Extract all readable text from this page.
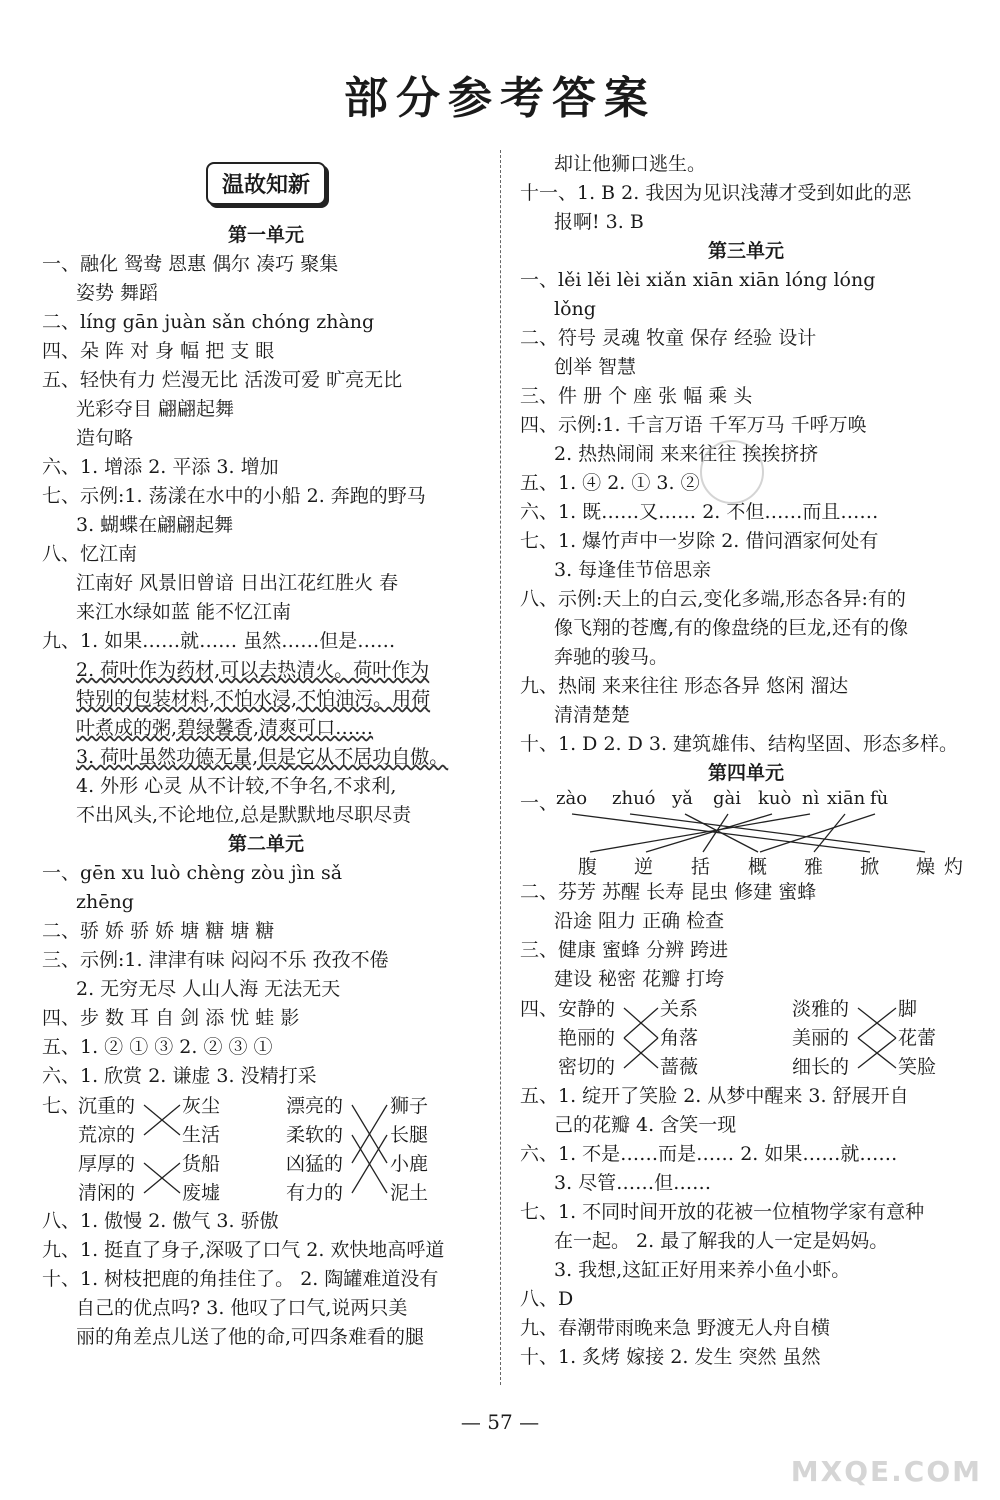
部分参考答案
温故知新
第一单元
一、融化 鸳鸯 恩惠 偶尔 凑巧 聚集
姿势 舞蹈
二、líng gān juàn sǎn chóng zhàng
四、朵 阵 对 身 幅 把 支 眼
五、轻快有力 烂漫无比 活泼可爱 旷亮无比
光彩夺目 翩翩起舞
造句略
六、1. 增添 2. 平添 3. 增加
七、示例:1. 荡漾在水中的小船 2. 奔跑的野马
3. 蝴蝶在翩翩起舞
八、忆江南
江南好 风景旧曾谙 日出江花红胜火 春
来江水绿如蓝 能不忆江南
九、1. 如果……就…… 虽然……但是……
2. 荷叶作为药材,可以去热清火。荷叶作为
特别的包装材料,不怕水浸,不怕油污。用荷
叶煮成的粥,碧绿馨香,清爽可口……
3. 荷叶虽然功德无量,但是它从不居功自傲。
4. 外形 心灵 从不计较,不争名,不求利,
不出风头,不论地位,总是默默地尽职尽责
第二单元
一、gēn xu luò chèng zòu jìn sǎ
zhēng
二、骄 娇 骄 娇 塘 糖 塘 糖
三、示例:1. 津津有味 闷闷不乐 孜孜不倦
2. 无穷无尽 人山人海 无法无天
四、步 数 耳 自 剑 添 忧 蛙 影
五、1. ② ① ③ 2. ② ③ ①
六、1. 欣赏 2. 谦虚 3. 没精打采
七、
沉重的
荒凉的
厚厚的
清闲的
灰尘
生活
货船
废墟
漂亮的
柔软的
凶猛的
有力的
狮子
长腿
小鹿
泥土
八、1. 傲慢 2. 傲气 3. 骄傲
九、1. 挺直了身子,深吸了口气 2. 欢快地高呼道
十、1. 树枝把鹿的角挂住了。 2. 陶罐难道没有
自己的优点吗? 3. 他叹了口气,说两只美
丽的角差点儿送了他的命,可四条难看的腿
却让他狮口逃生。
十一、1. B 2. 我因为见识浅薄才受到如此的恶
报啊! 3. B
第三单元
一、lěi lěi lèi xiǎn xiān xiān lóng lóng
lǒng
二、符号 灵魂 牧童 保存 经验 设计
创举 智慧
三、件 册 个 座 张 幅 乘 头
四、示例:1. 千言万语 千军万马 千呼万唤
2. 热热闹闹 来来往往 挨挨挤挤
五、1. ④ 2. ① 3. ②
六、1. 既……又…… 2. 不但……而且……
七、1. 爆竹声中一岁除 2. 借问酒家何处有
3. 每逢佳节倍思亲
八、示例:天上的白云,变化多端,形态各异:有的
像飞翔的苍鹰,有的像盘绕的巨龙,还有的像
奔驰的骏马。
九、热闹 来来往往 形态各异 悠闲 溜达
清清楚楚
十、1. D 2. D 3. 建筑雄伟、结构坚固、形态多样。
第四单元
一、
zào zhuó yǎ gài kuò nì xiān fù
腹 逆 括 概 雅 掀 燥 灼
二、芬芳 苏醒 长寿 昆虫 修建 蜜蜂
沿途 阻力 正确 检查
三、健康 蜜蜂 分辨 跨进
建设 秘密 花瓣 打垮
四、 安静的
艳丽的
密切的
关系
角落
蔷薇
淡雅的
美丽的
细长的
脚
花蕾
笑脸
五、1. 绽开了笑脸 2. 从梦中醒来 3. 舒展开自
己的花瓣 4. 含笑一现
六、1. 不是……而是…… 2. 如果……就……
3. 尽管……但……
七、1. 不同时间开放的花被一位植物学家有意种
在一起。 2. 最了解我的人一定是妈妈。
3. 我想,这缸正好用来养小鱼小虾。
八、D
九、春潮带雨晚来急 野渡无人舟自横
十、1. 炙烤 嫁接 2. 发生 突然 虽然
— 57 —
MXQE.COM
